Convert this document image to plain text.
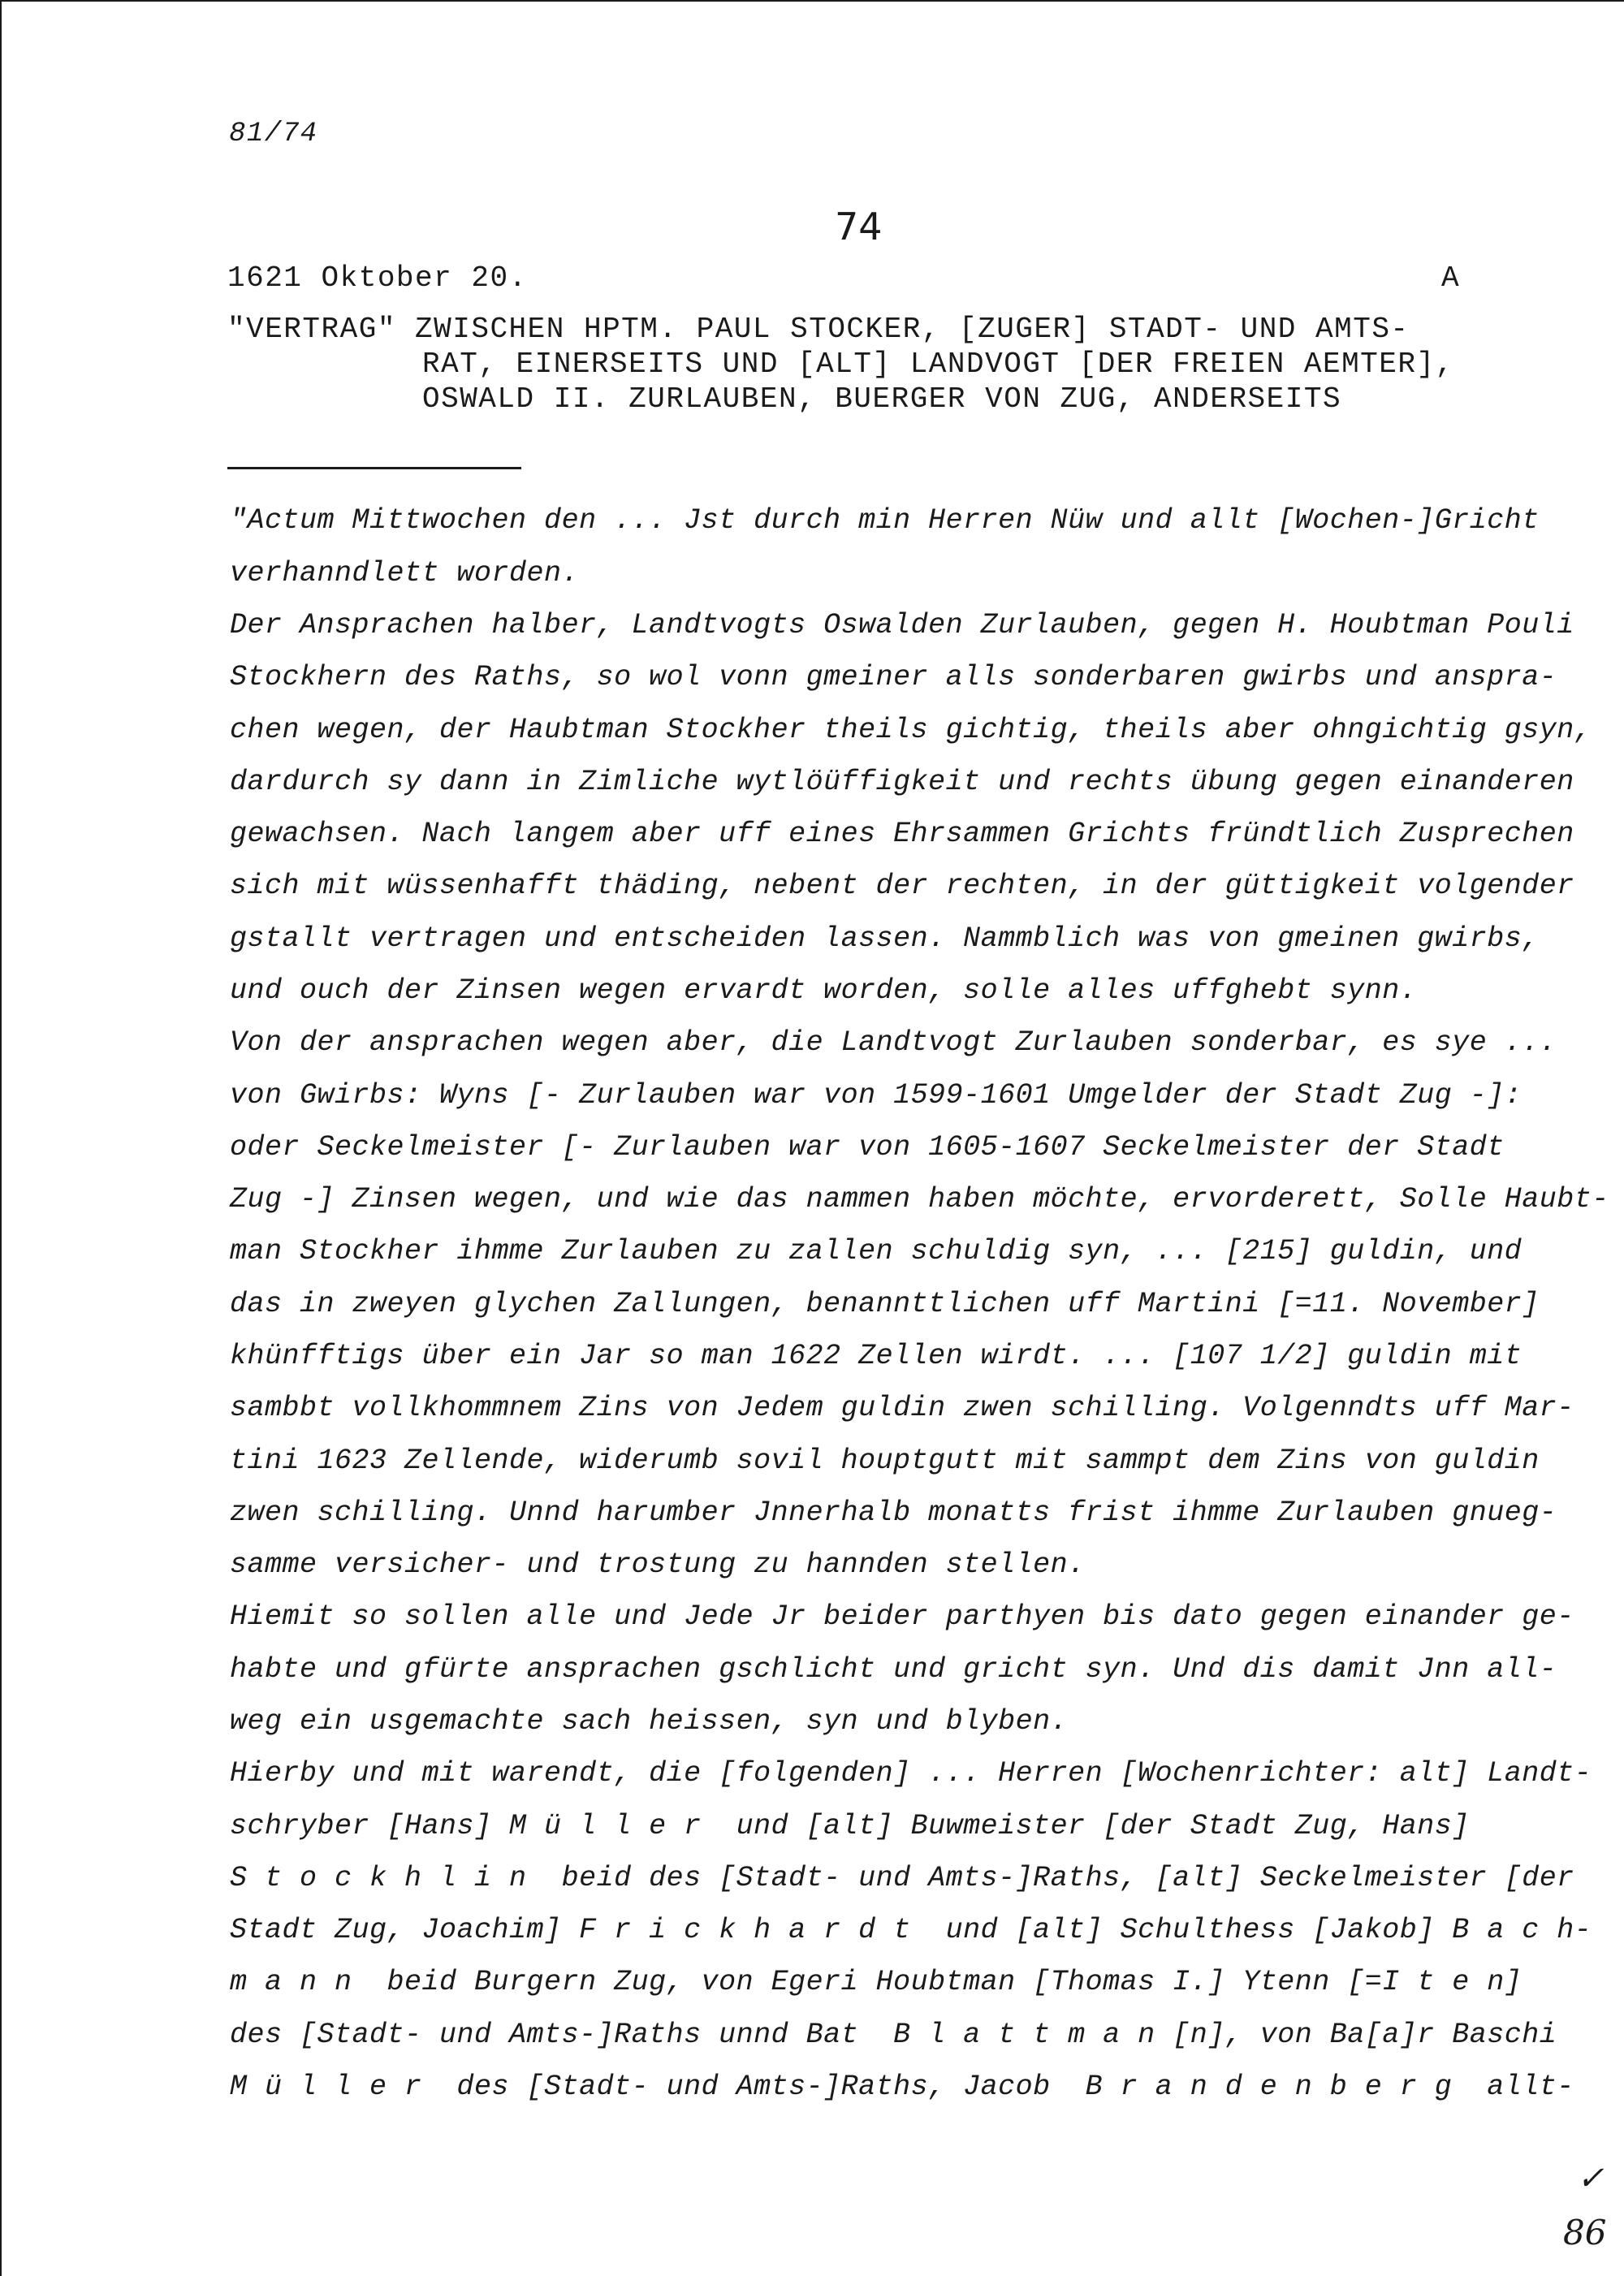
81/74
74
1621 Oktober 20.	A
"VERTRAG" ZWISCHEN HPTM. PAUL STOCKER, [ZUGER] STADT- UND AMTS-
RAT, EINERSEITS UND [ALT] LANDVOGT [DER FREIEN AEMTER],
OSWALD II. ZURLAUBEN, BUERGER VON ZUG, ANDERSEITS
"Actum Mittwochen den ... Jst durch min Herren Nüw und allt [Wochen-]Gricht
verhanndlett worden.
Der Ansprachen halber, Landtvogts Oswalden Zurlauben, gegen H. Houbtman Pouli
Stockhern des Raths, so wol vonn gmeiner alls sonderbaren gwirbs und anspra-
chen wegen, der Haubtman Stockher theils gichtig, theils aber ohngichtig gsyn,
dardurch sy dann in Zimliche wytlöüffigkeit und rechts übung gegen einanderen
gewachsen. Nach langem aber uff eines Ehrsammen Grichts fründtlich Zusprechen
sich mit wüssenhafft thäding, nebent der rechten, in der güttigkeit volgender
gstallt vertragen und entscheiden lassen. Nammblich was von gmeinen gwirbs,
und ouch der Zinsen wegen ervardt worden, solle alles uffghebt synn.
Von der ansprachen wegen aber, die Landtvogt Zurlauben sonderbar, es sye ...
von Gwirbs: Wyns [- Zurlauben war von 1599-1601 Umgelder der Stadt Zug -]:
oder Seckelmeister [- Zurlauben war von 1605-1607 Seckelmeister der Stadt
Zug -] Zinsen wegen, und wie das nammen haben möchte, ervorderett, Solle Haubt-
man Stockher ihmme Zurlauben zu zallen schuldig syn, ... [215] guldin, und
das in zweyen glychen Zallungen, benannttlichen uff Martini [=11. November]
khünfftigs über ein Jar so man 1622 Zellen wirdt. ... [107 1/2] guldin mit
sambbt vollkhommnem Zins von Jedem guldin zwen schilling. Volgenndts uff Mar-
tini 1623 Zellende, widerumb sovil houptgutt mit sammpt dem Zins von guldin
zwen schilling. Unnd harumber Jnnerhalb monatts frist ihmme Zurlauben gnueg-
samme versicher- und trostung zu hannden stellen.
Hiemit so sollen alle und Jede Jr beider parthyen bis dato gegen einander ge-
habte und gfürte ansprachen gschlicht und gricht syn. Und dis damit Jnn all-
weg ein usgemachte sach heissen, syn und blyben.
Hierby und mit warendt, die [folgenden] ... Herren [Wochenrichter: alt] Landt-
schryber [Hans] M ü l l e r  und [alt] Buwmeister [der Stadt Zug, Hans]
S t o c k h l i n  beid des [Stadt- und Amts-]Raths, [alt] Seckelmeister [der
Stadt Zug, Joachim] F r i c k h a r d t  und [alt] Schulthess [Jakob] B a c h-
m a n n  beid Burgern Zug, von Egeri Houbtman [Thomas I.] Ytenn [=I t e n]
des [Stadt- und Amts-]Raths unnd Bat  B l a t t m a n [n], von Ba[a]r Baschi
M ü l l e r  des [Stadt- und Amts-]Raths, Jacob  B r a n d e n b e r g  allt-
✓
86
